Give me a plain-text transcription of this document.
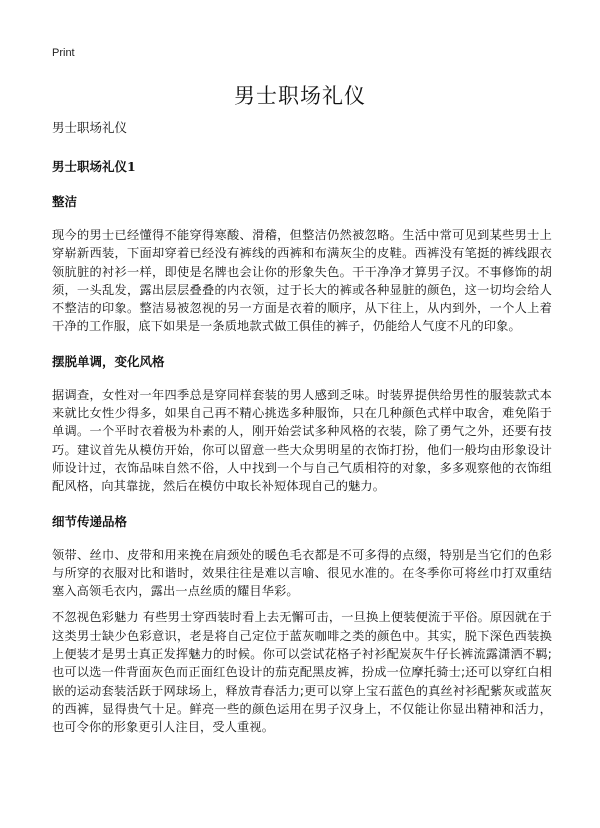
Print
男士职场礼仪
男士职场礼仪
男士职场礼仪1
整洁

现今的男士已经懂得不能穿得寒酸、滑稽，但整洁仍然被忽略。生活中常可见到某些男士上穿崭新西装，下面却穿着已经没有裤线的西裤和布满灰尘的皮鞋。西裤没有笔挺的裤线跟衣领肮脏的衬衫一样，即使是名牌也会让你的形象失色。干干净净才算男子汉。不事修饰的胡须，一头乱发，露出层层叠叠的内衣领，过于长大的裤或各种显脏的颜色，这一切均会给人不整洁的印象。整洁易被忽视的另一方面是衣着的顺序，从下往上，从内到外，一个人上着干净的工作服，底下如果是一条质地款式做工俱佳的裤子，仍能给人气度不凡的印象。

摆脱单调，变化风格

据调查，女性对一年四季总是穿同样套装的男人感到乏味。时装界提供给男性的服装款式本来就比女性少得多，如果自己再不精心挑选多种服饰，只在几种颜色式样中取舍，难免陷于单调。一个平时衣着极为朴素的人，刚开始尝试多种风格的衣装，除了勇气之外，还要有技巧。建议首先从模仿开始，你可以留意一些大众男明星的衣饰打扮，他们一般均由形象设计师设计过，衣饰品味自然不俗，人中找到一个与自己气质相符的对象，多多观察他的衣饰组配风格，向其靠拢，然后在模仿中取长补短体现自己的魅力。

细节传递品格

领带、丝巾、皮带和用来挽在肩颈处的暖色毛衣都是不可多得的点缀，特别是当它们的色彩与所穿的衣服对比和谐时，效果往往是难以言喻、很见水准的。在冬季你可将丝巾打双重结塞入高领毛衣内，露出一点丝质的耀目华彩。

不忽视色彩魅力 有些男士穿西装时看上去无懈可击，一旦换上便装便流于平俗。原因就在于这类男士缺少色彩意识，老是将自己定位于蓝灰咖啡之类的颜色中。其实，脱下深色西装换上便装才是男士真正发挥魅力的时候。你可以尝试花格子衬衫配炭灰牛仔长裤流露潇洒不羁;也可以选一件背面灰色而正面红色设计的茄克配黑皮裤，扮成一位摩托骑士;还可以穿红白相嵌的运动套装活跃于网球场上，释放青春活力;更可以穿上宝石蓝色的真丝衬衫配紫灰或蓝灰的西裤，显得贵气十足。鲜亮一些的颜色运用在男子汉身上，不仅能让你显出精神和活力，也可令你的形象更引人注目，受人重视。
